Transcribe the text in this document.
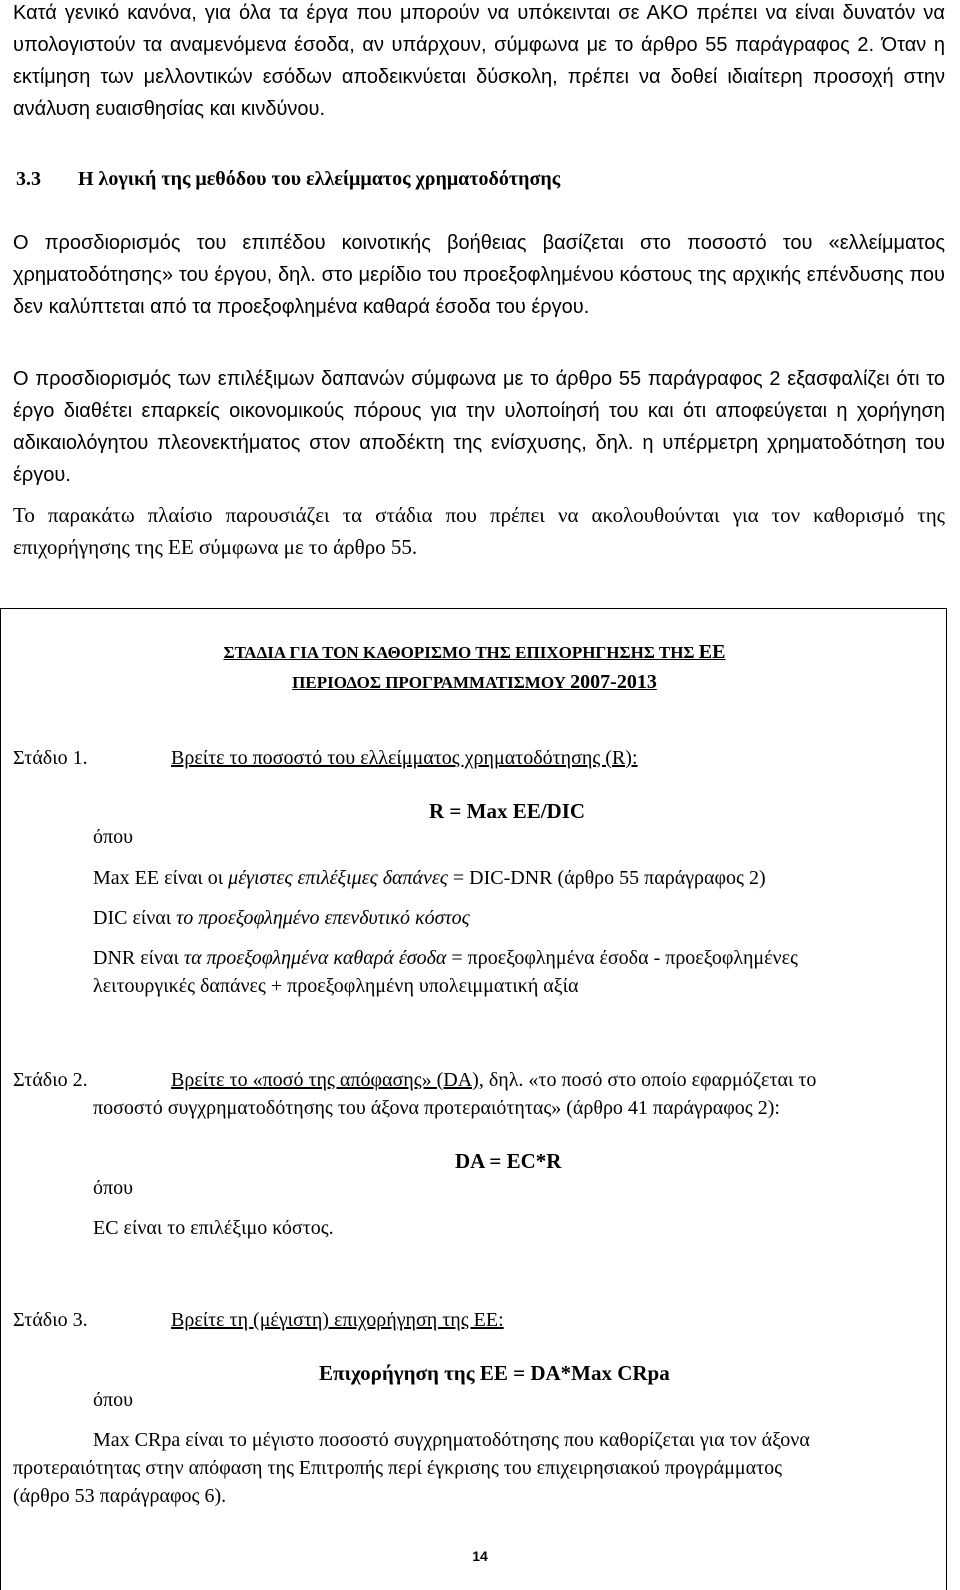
Κατά γενικό κανόνα, για όλα τα έργα που μπορούν να υπόκεινται σε ΑΚΟ πρέπει να είναι δυνατόν να υπολογιστούν τα αναμενόμενα έσοδα, αν υπάρχουν, σύμφωνα με το άρθρο 55 παράγραφος 2. Όταν η εκτίμηση των μελλοντικών εσόδων αποδεικνύεται δύσκολη, πρέπει να δοθεί ιδιαίτερη προσοχή στην ανάλυση ευαισθησίας και κινδύνου.

3.3 Η λογική της μεθόδου του ελλείμματος χρηματοδότησης

Ο προσδιορισμός του επιπέδου κοινοτικής βοήθειας βασίζεται στο ποσοστό του «ελλείμματος χρηματοδότησης» του έργου, δηλ. στο μερίδιο του προεξοφλημένου κόστους της αρχικής επένδυσης που δεν καλύπτεται από τα προεξοφλημένα καθαρά έσοδα του έργου.

Ο προσδιορισμός των επιλέξιμων δαπανών σύμφωνα με το άρθρο 55 παράγραφος 2 εξασφαλίζει ότι το έργο διαθέτει επαρκείς οικονομικούς πόρους για την υλοποίησή του και ότι αποφεύγεται η χορήγηση αδικαιολόγητου πλεονεκτήματος στον αποδέκτη της ενίσχυσης, δηλ. η υπέρμετρη χρηματοδότηση του έργου.

Το παρακάτω πλαίσιο παρουσιάζει τα στάδια που πρέπει να ακολουθούνται για τον καθορισμό της επιχορήγησης της ΕΕ σύμφωνα με το άρθρο 55.

ΣΤΑΔΙΑ ΓΙΑ ΤΟΝ ΚΑΘΟΡΙΣΜΟ ΤΗΣ ΕΠΙΧΟΡΗΓΗΣΗΣ ΤΗΣ ΕΕ

ΠΕΡΙΟΔΟΣ ΠΡΟΓΡΑΜΜΑΤΙΣΜΟΥ 2007-2013

Στάδιο 1.	Βρείτε το ποσοστό του ελλείμματος χρηματοδότησης (R):

R = Max EE/DIC

όπου

Max EE είναι οι μέγιστες επιλέξιμες δαπάνες = DIC-DNR (άρθρο 55 παράγραφος 2)

DIC είναι το προεξοφλημένο επενδυτικό κόστος

DNR είναι τα προεξοφλημένα καθαρά έσοδα = προεξοφλημένα έσοδα - προεξοφλημένες

λειτουργικές δαπάνες + προεξοφλημένη υπολειμματική αξία

Στάδιο 2.	Βρείτε το «ποσό της απόφασης» (DA), δηλ. «το ποσό στο οποίο εφαρμόζεται το

ποσοστό συγχρηματοδότησης του άξονα προτεραιότητας» (άρθρο 41 παράγραφος 2):

DA = EC*R

όπου

EC είναι το επιλέξιμο κόστος.

Στάδιο 3.	Βρείτε τη (μέγιστη) επιχορήγηση της ΕΕ:

Επιχορήγηση της ΕΕ = DA*Max CRpa

όπου

Max CRpa είναι το μέγιστο ποσοστό συγχρηματοδότησης που καθορίζεται για τον άξονα

προτεραιότητας στην απόφαση της Επιτροπής περί έγκρισης του επιχειρησιακού προγράμματος

(άρθρο 53 παράγραφος 6).

14
